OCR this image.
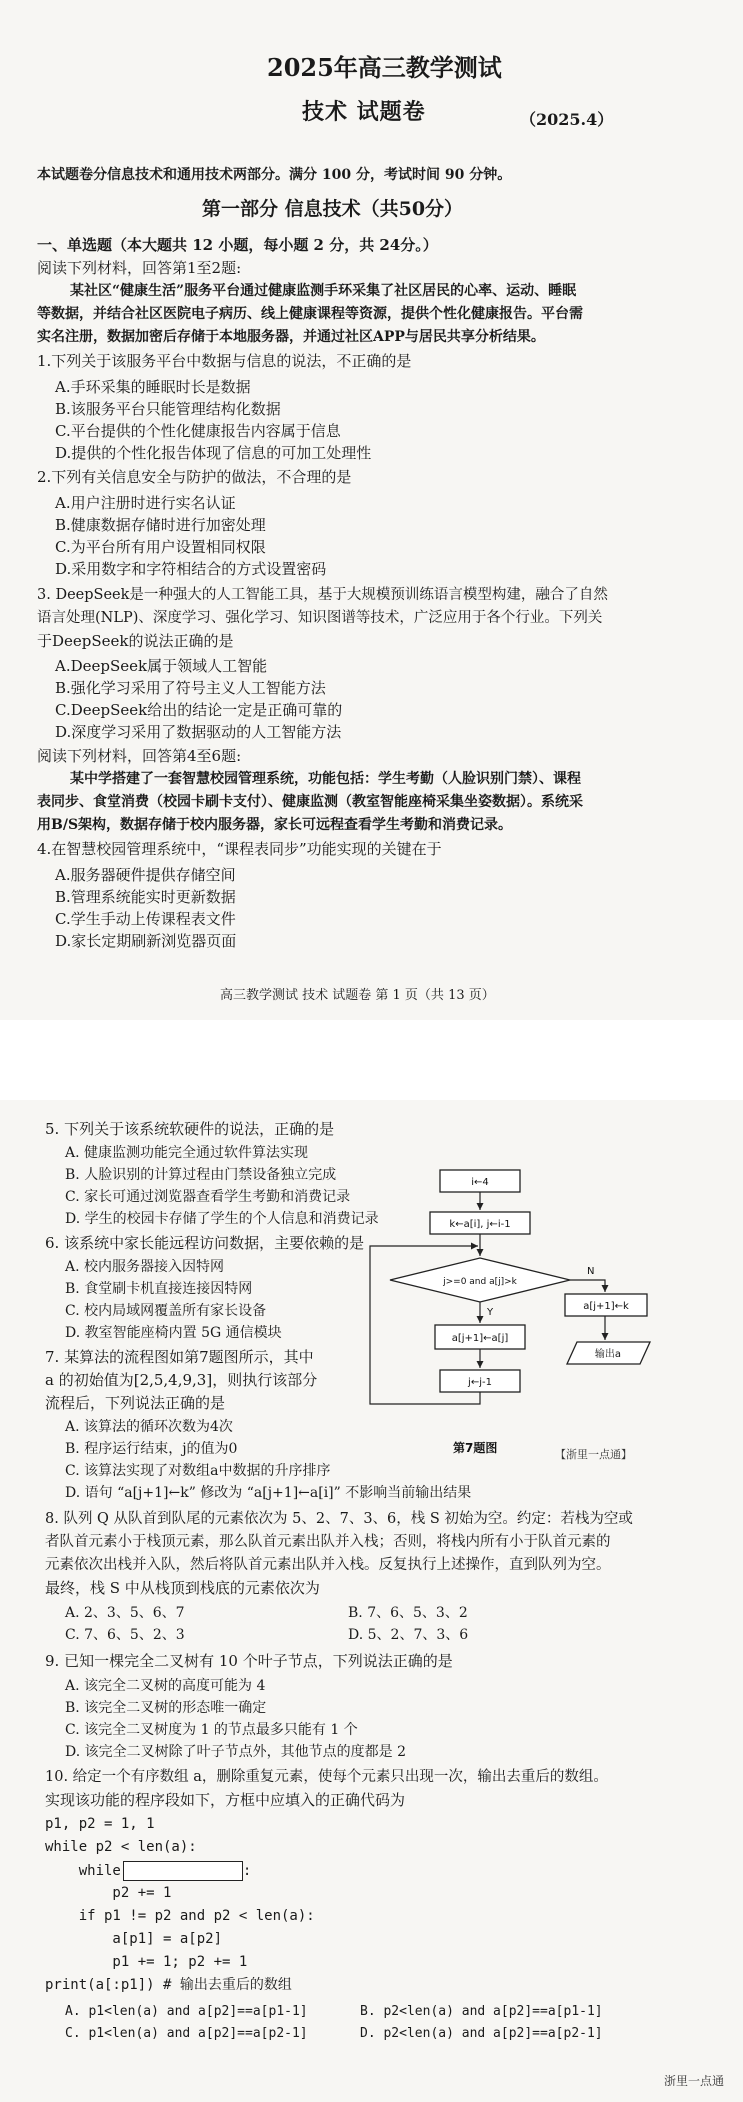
2025年高三教学测试
技术 试题卷	（2025.4）
本试题卷分信息技术和通用技术两部分。满分 100 分，考试时间 90 分钟。
第一部分 信息技术（共50分）
一、单选题（本大题共 12 小题，每小题 2 分，共 24分。）
阅读下列材料，回答第1至2题:
某社区“健康生活”服务平台通过健康监测手环采集了社区居民的心率、运动、睡眠
等数据，并结合社区医院电子病历、线上健康课程等资源，提供个性化健康报告。平台需
实名注册，数据加密后存储于本地服务器，并通过社区APP与居民共享分析结果。
1.下列关于该服务平台中数据与信息的说法，不正确的是
A.手环采集的睡眠时长是数据
B.该服务平台只能管理结构化数据
C.平台提供的个性化健康报告内容属于信息
D.提供的个性化报告体现了信息的可加工处理性
2.下列有关信息安全与防护的做法，不合理的是
A.用户注册时进行实名认证
B.健康数据存储时进行加密处理
C.为平台所有用户设置相同权限
D.采用数字和字符相结合的方式设置密码
3. DeepSeek是一种强大的人工智能工具，基于大规模预训练语言模型构建，融合了自然
语言处理(NLP)、深度学习、强化学习、知识图谱等技术，广泛应用于各个行业。下列关
于DeepSeek的说法正确的是
A.DeepSeek属于领域人工智能
B.强化学习采用了符号主义人工智能方法
C.DeepSeek给出的结论一定是正确可靠的
D.深度学习采用了数据驱动的人工智能方法
阅读下列材料，回答第4至6题:
某中学搭建了一套智慧校园管理系统，功能包括：学生考勤（人脸识别门禁）、课程
表同步、食堂消费（校园卡刷卡支付）、健康监测（教室智能座椅采集坐姿数据）。系统采
用B/S架构，数据存储于校内服务器，家长可远程查看学生考勤和消费记录。
4.在智慧校园管理系统中，“课程表同步”功能实现的关键在于
A.服务器硬件提供存储空间
B.管理系统能实时更新数据
C.学生手动上传课程表文件
D.家长定期刷新浏览器页面
高三教学测试 技术 试题卷 第 1 页（共 13 页）
5. 下列关于该系统软硬件的说法，正确的是
A. 健康监测功能完全通过软件算法实现
B. 人脸识别的计算过程由门禁设备独立完成
C. 家长可通过浏览器查看学生考勤和消费记录
D. 学生的校园卡存储了学生的个人信息和消费记录
6. 该系统中家长能远程访问数据，主要依赖的是
A. 校内服务器接入因特网
B. 食堂刷卡机直接连接因特网
C. 校内局域网覆盖所有家长设备
D. 教室智能座椅内置 5G 通信模块
7. 某算法的流程图如第7题图所示，其中
a 的初始值为[2,5,4,9,3]，则执行该部分
流程后，下列说法正确的是
A. 该算法的循环次数为4次
B. 程序运行结束，j的值为0
C. 该算法实现了对数组a中数据的升序排序
D. 语句 “a[j+1]←k” 修改为 “a[j+1]←a[i]” 不影响当前输出结果
i←4
k←a[i], j←i-1
j>=0 and a[j]>k
Y
N
a[j+1]←a[j]
j←j-1
a[j+1]←k
输出a
第7题图	【浙里一点通】
8. 队列 Q 从队首到队尾的元素依次为 5、2、7、3、6，栈 S 初始为空。约定：若栈为空或
者队首元素小于栈顶元素，那么队首元素出队并入栈；否则，将栈内所有小于队首元素的
元素依次出栈并入队，然后将队首元素出队并入栈。反复执行上述操作，直到队列为空。
最终，栈 S 中从栈顶到栈底的元素依次为
A. 2、3、5、6、7	B. 7、6、5、3、2
C. 7、6、5、2、3	D. 5、2、7、3、6
9. 已知一棵完全二叉树有 10 个叶子节点，下列说法正确的是
A. 该完全二叉树的高度可能为 4
B. 该完全二叉树的形态唯一确定
C. 该完全二叉树度为 1 的节点最多只能有 1 个
D. 该完全二叉树除了叶子节点外，其他节点的度都是 2
10. 给定一个有序数组 a，删除重复元素，使每个元素只出现一次，输出去重后的数组。
实现该功能的程序段如下，方框中应填入的正确代码为
p1, p2 = 1, 1
while p2 < len(a):
while	:
p2 += 1
if p1 != p2 and p2 < len(a):
a[p1] = a[p2]
p1 += 1; p2 += 1
print(a[:p1]) # 输出去重后的数组
A. p1<len(a) and a[p2]==a[p1-1]	B. p2<len(a) and a[p2]==a[p1-1]
C. p1<len(a) and a[p2]==a[p2-1]	D. p2<len(a) and a[p2]==a[p2-1]
浙里一点通
